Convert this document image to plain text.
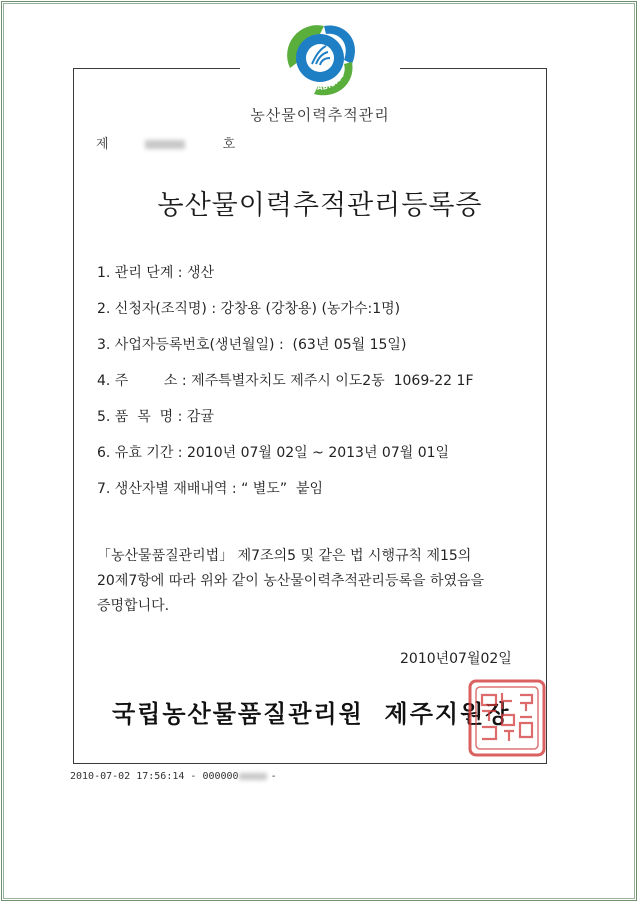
TRACEABILITY
농산물이력추적관리
제	호
농산물이력추적관리등록증
1. 관리 단계 : 생산
2. 신청자(조직명) : 강창용 (강창용) (농가수:1명)
3. 사업자등록번호(생년월일) :  (63년 05월 15일)
4. 주        소 : 제주특별자치도 제주시 이도2동  1069-22 1F
5. 품  목  명 : 감귤
6. 유효 기간 : 2010년 07월 02일 ~ 2013년 07월 01일
7. 생산자별 재배내역 : “ 별도”  붙임
「농산물품질관리법」 제7조의5 및 같은 법 시행규칙 제15의
20제7항에 따라 위와 같이 농산물이력추적관리등록을 하였음을
증명합니다.
2010년07월02일
국립농산물품질관리원  제주지원장
2010-07-02 17:56:14 - 000000	-
